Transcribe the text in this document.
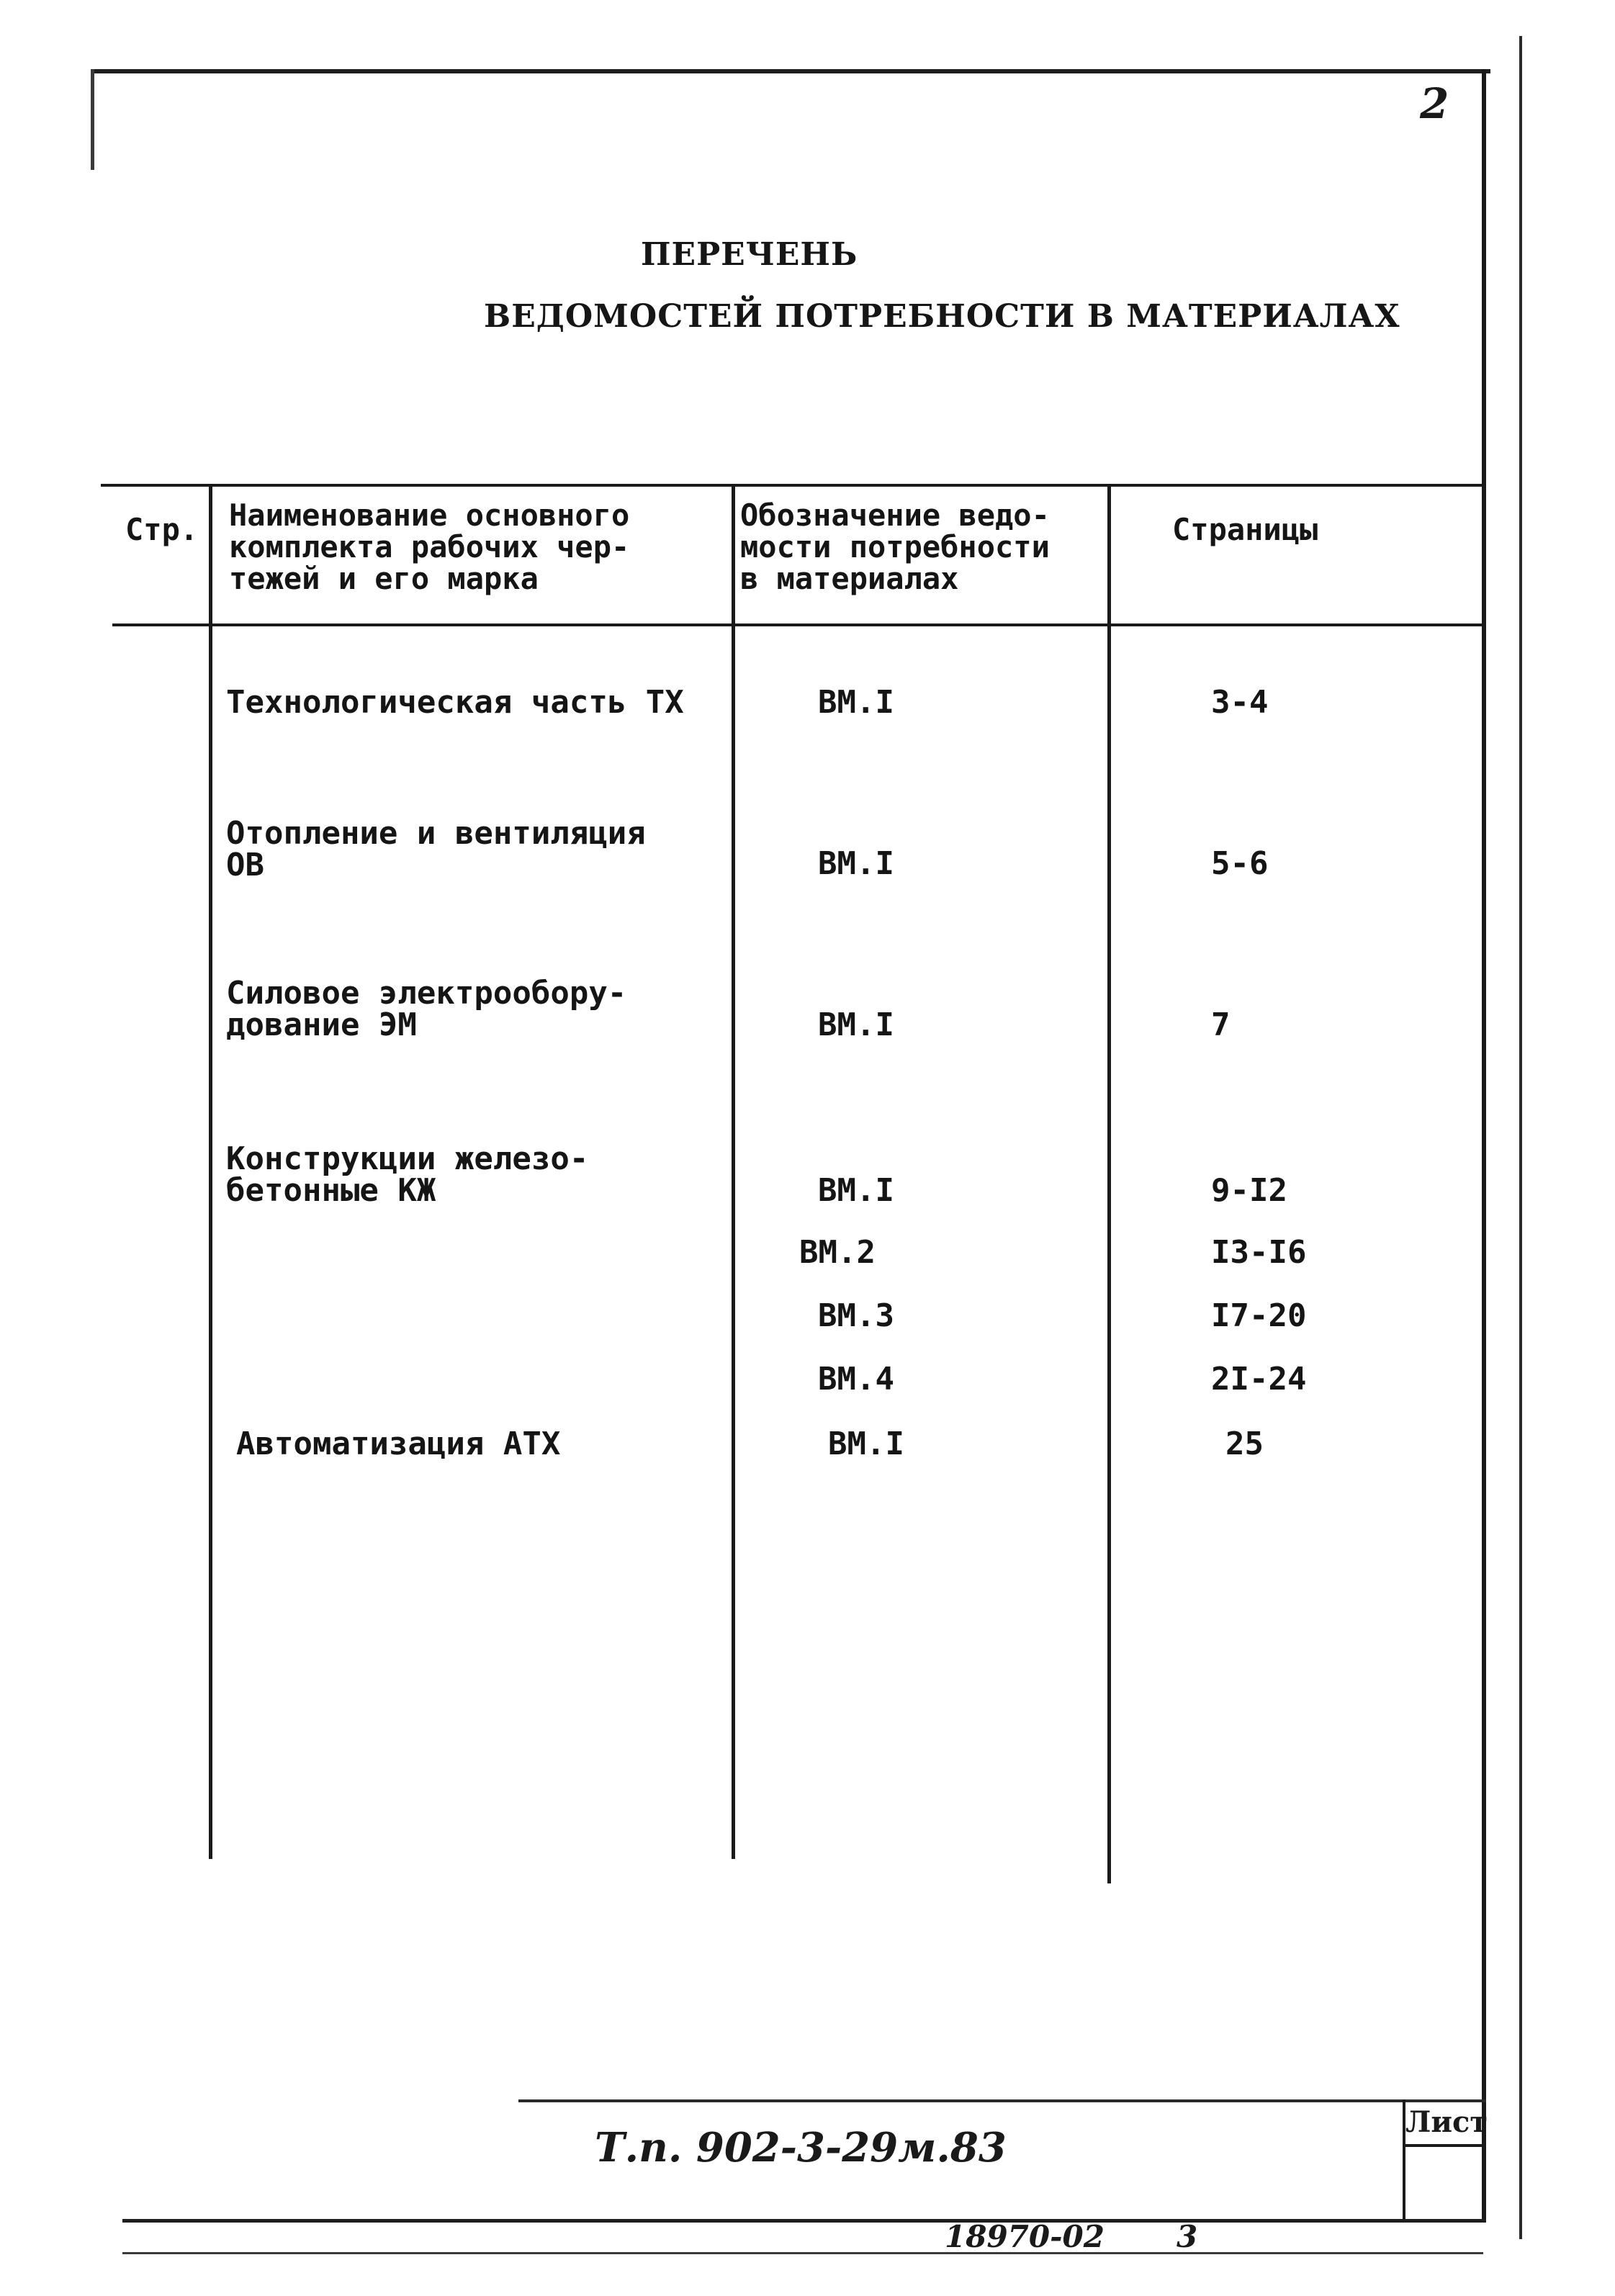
2
ПЕРЕЧЕНЬ
ВЕДОМОСТЕЙ ПОТРЕБНОСТИ В МАТЕРИАЛАХ
Стр. Наименование основного
комплекта рабочих чер-
тежей и его марка
Обозначение ведо-
мости потребности
в материалах
Страницы
Технологическая часть ТХ	ВМ.I	3-4
Отопление и вентиляция
ОВ	ВМ.I	5-6
Силовое электрообору-
дование ЭМ	ВМ.I	7
Конструкции железо-
бетонные КЖ	ВМ.I	9-I2
ВМ.2	I3-I6
ВМ.3	I7-20
ВМ.4	2I-24
Автоматизация АТХ	ВМ.I	25
Т.п. 902-3-29м.83
Лист
18970-02 3
